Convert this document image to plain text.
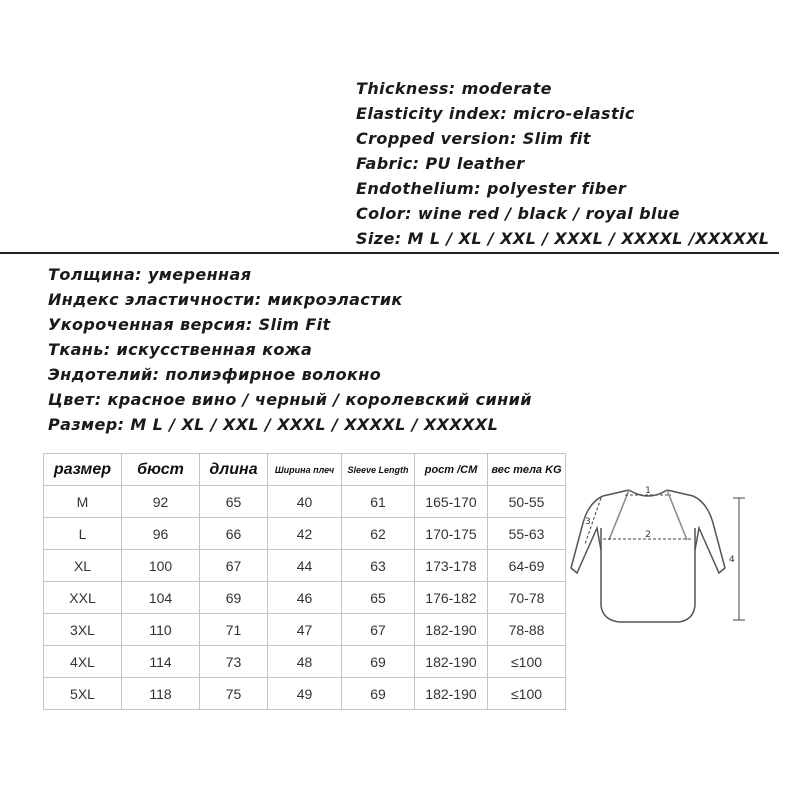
Thickness: moderate
Elasticity index: micro-elastic
Cropped version: Slim fit
Fabric: PU leather
Endothelium: polyester fiber
Color: wine red / black / royal blue
Size: M L / XL / XXL / XXXL / XXXXL /XXXXXL
Толщина: умеренная
Индекс эластичности: микроэластик
Укороченная версия: Slim Fit
Ткань: искусственная кожа
Эндотелий: полиэфирное волокно
Цвет: красное вино / черный / королевский синий
Размер: M L / XL / XXL / XXXL / XXXXL / XXXXXL
размер	бюст	длина	Ширина плеч	Sleeve Length	рост /CM	вес тела KG
M	92	65	40	61	165-170	50-55
L	96	66	42	62	170-175	55-63
XL	100	67	44	63	173-178	64-69
XXL	104	69	46	65	176-182	70-78
3XL	110	71	47	67	182-190	78-88
4XL	114	73	48	69	182-190	≤100
5XL	118	75	49	69	182-190	≤100
1
2
3
4
